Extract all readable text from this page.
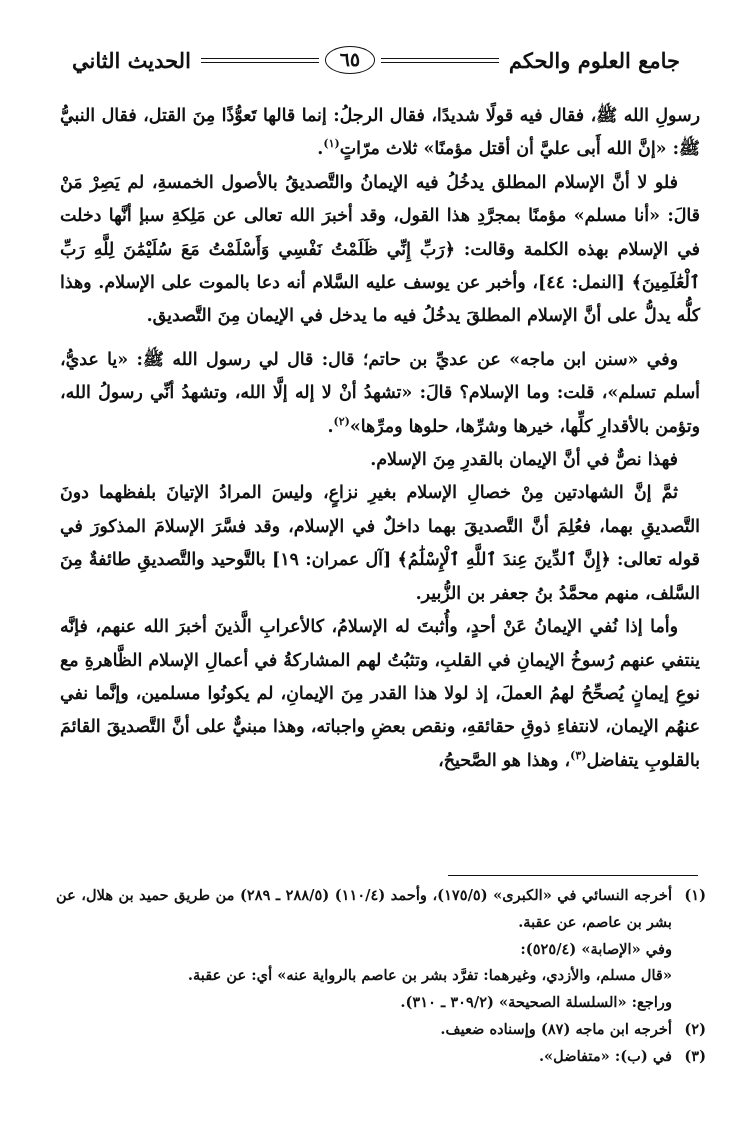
جامع العلوم والحكم
٦٥
الحديث الثاني

رسولِ الله ﷺ، فقال فيه قولًا شديدًا، فقال الرجلُ: إنما قالها تَعوُّذًا مِنَ القتل، فقال النبيُّ ﷺ: «إنَّ الله أَبى عليَّ أن أقتل مؤمنًا» ثلاث مرّاتٍ$^{(١)}$.

فلو لا أنَّ الإسلام المطلق يدخُلُ فيه الإيمانُ والتَّصديقُ بالأصول الخمسةِ، لم يَصِرْ مَنْ قالَ: «أنا مسلم» مؤمنًا بمجرَّدِ هذا القول، وقد أخبرَ الله تعالى عن مَلِكةِ سبإ أنَّها دخلت في الإسلام بهذه الكلمة وقالت: ﴿رَبِّ إِنِّي ظَلَمْتُ نَفْسِي وَأَسْلَمْتُ مَعَ سُلَيْمَٰنَ لِلَّهِ رَبِّ ٱلْعَٰلَمِينَ﴾ [النمل: ٤٤]، وأخبر عن يوسف عليه السَّلام أنه دعا بالموت على الإسلام. وهذا كلُّه يدلُّ على أنَّ الإسلام المطلقَ يدخُلُ فيه ما يدخل في الإيمان مِنَ التَّصديق.

وفي «سنن ابن ماجه» عن عديِّ بن حاتم؛ قال: قال لي رسول الله ﷺ: «يا عديُّ، أسلم تسلم»، قلت: وما الإسلام؟ قالَ: «تشهدُ أنْ لا إله إلَّا الله، وتشهدُ أنِّي رسولُ الله، وتؤمن بالأقدارِ كلِّها، خيرها وشرِّها، حلوها ومرِّها»$^{(٢)}$.

فهذا نصٌّ في أنَّ الإيمان بالقدرِ مِنَ الإسلام.

ثمَّ إنَّ الشهادتين مِنْ خصالِ الإسلام بغيرِ نزاعٍ، وليسَ المرادُ الإتيانَ بلفظهما دونَ التَّصديقِ بهما، فعُلِمَ أنَّ التَّصديقَ بهما داخلٌ في الإسلام، وقد فسَّرَ الإسلامَ المذكورَ في قوله تعالى: ﴿إِنَّ ٱلدِّينَ عِندَ ٱللَّهِ ٱلْإِسْلَٰمُ﴾ [آل عمران: ١٩] بالتَّوحيد والتَّصديقِ طائفةٌ مِنَ السَّلف، منهم محمَّدُ بنُ جعفر بن الزُّبير.

وأما إذا نُفي الإيمانُ عَنْ أحدٍ، وأُثبتَ له الإسلامُ، كالأعرابِ الَّذينَ أخبرَ الله عنهم، فإنَّه ينتفي عنهم رُسوخُ الإيمانِ في القلبِ، وتثبُتُ لهم المشاركةُ في أعمالِ الإسلام الظَّاهرةِ مع نوعِ إيمانٍ يُصحِّحُ لهمُ العملَ، إذ لولا هذا القدر مِنَ الإيمانِ، لم يكونُوا مسلمين، وإنَّما نفي عنهُم الإيمان، لانتفاءِ ذوقِ حقائقهِ، ونقص بعضِ واجباته، وهذا مبنيٌّ على أنَّ التَّصديقَ القائمَ بالقلوبِ يتفاضل$^{(٣)}$، وهذا هو الصَّحيحُ،

(١)
أخرجه النسائي في «الكبرى» (١٧٥/٥)، وأحمد (١١٠/٤) (٢٨٨/٥ ـ ٢٨٩) من طريق حميد بن هلال، عن بشر بن عاصم، عن عقبة.
وفي «الإصابة» (٥٢٥/٤):
«قال مسلم، والأزدي، وغيرهما: تفرَّد بشر بن عاصم بالرواية عنه» أي: عن عقبة.
وراجع: «السلسلة الصحيحة» (٣٠٩/٢ ـ ٣١٠).
(٢)
أخرجه ابن ماجه (٨٧) وإسناده ضعيف.
(٣)
في (ب): «متفاضل».
